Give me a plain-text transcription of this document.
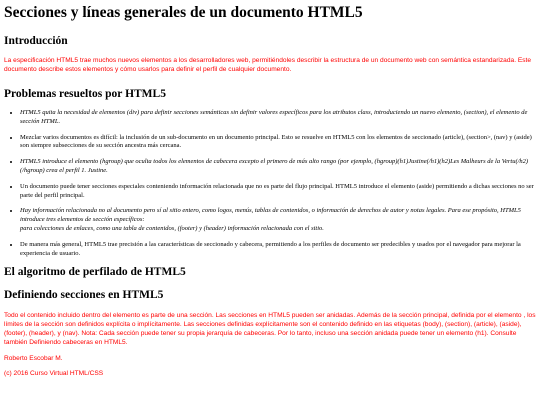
Secciones y líneas generales de un documento HTML5
Introducción

La especificación HTML5 trae muchos nuevos elementos a los desarrolladores web, permitiéndoles describir la estructura de un documento web con semántica estandarizada. Este documento describe estos elementos y cómo usarlos para definir el perfil de cualquier documento.

Problemas resueltos por HTML5
• HTML5 quita la necesidad de elementos (div) para definir secciones semánticas sin definir valores específicos para los atributos class, introduciendo un nuevo elemento, (section), el elemento de sección HTML.
• Mezclar varios documentos es difícil: la inclusión de un sub-documento en un documento principal. Esto se resuelve en HTML5 con los elementos de seccionado (article), (section>, (nav) y (aside) son siempre subsecciones de su sección ancestra más cercana.
• HTML5 introduce el elemento (hgroup) que oculta todos los elementos de cabecera excepto el primero de más alto rango (por ejemplo, (hgroup)(h1)Justine(/h1)(h2)Les Malheurs de la Vertu(/h2)(/hgroup) crea el perfil 1. Justine.
• Un documento puede tener secciones especiales conteniendo información relacionada que no es parte del flujo principal. HTML5 introduce el elemento (aside) permitiendo a dichas secciones no ser parte del perfil principal.
• Hay información relacionada no al documento pero sí al sitio entero, como logos, menús, tablas de contenidos, o información de derechos de autor y notas legales. Para ese propósito, HTML5 introduce tres elementos de sección específicos:
para colecciones de enlaces, como una tabla de contenidos, (footer) y (header) información relacionada con el sitio.
• De manera más general, HTML5 trae precisión a las características de seccionado y cabecera, permitiendo a los perfiles de documento ser predecibles y usados por el navegador para mejorar la experiencia de usuario.
El algoritmo de perfilado de HTML5
Definiendo secciones en HTML5

Todo el contenido incluido dentro del elemento es parte de una sección. Las secciones en HTML5 pueden ser anidadas. Además de la sección principal, definida por el elemento , los límites de la sección son definidos explícita o implícitamente. Las secciones definidas explícitamente son el contenido definido en las etiquetas (body), (section), (article), (aside), (footer), (header), y (nav). Nota: Cada sección puede tener su propia jerarquía de cabeceras. Por lo tanto, incluso una sección anidada puede tener un elemento (h1). Consulte también Definiendo cabeceras en HTML5.

Roberto Escobar M.

(c) 2016 Curso Virtual HTML/CSS
